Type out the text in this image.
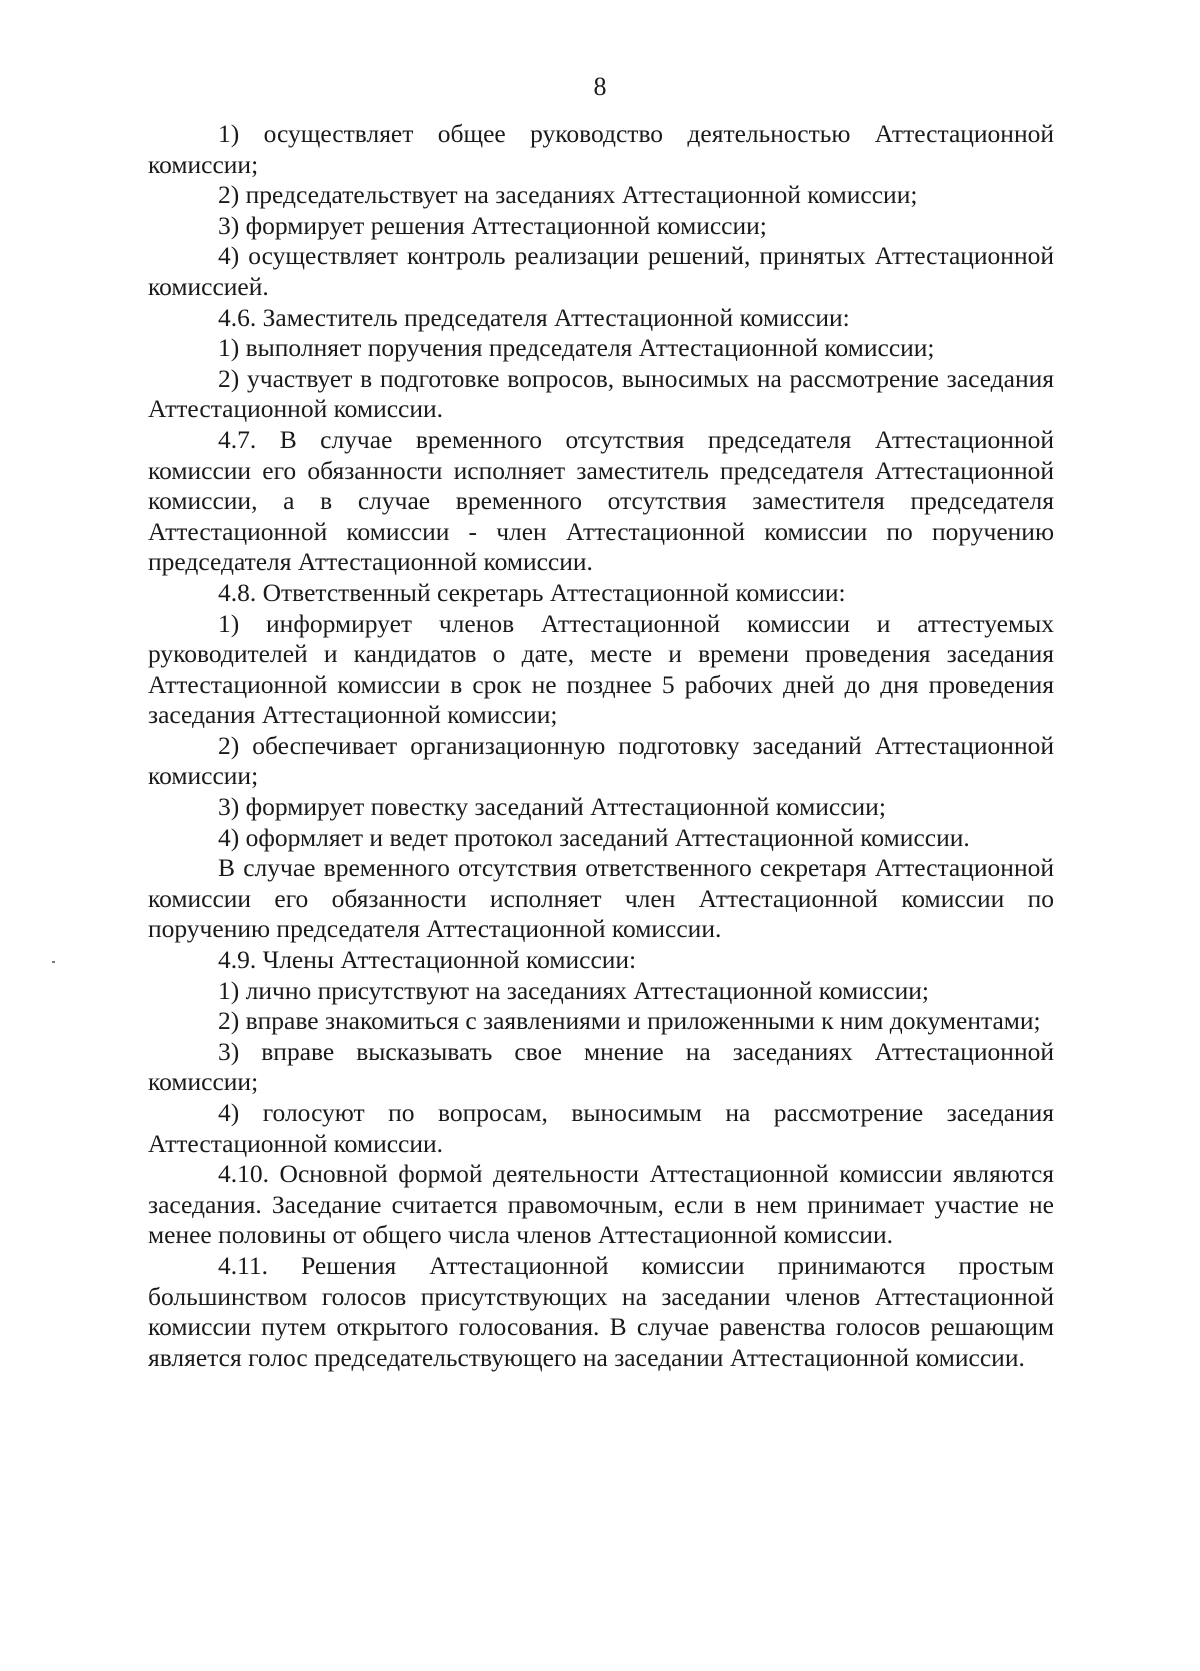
8

1) осуществляет общее руководство деятельностью Аттестационной комиссии;

2) председательствует на заседаниях Аттестационной комиссии;

3) формирует решения Аттестационной комиссии;

4) осуществляет контроль реализации решений, принятых Аттестационной комиссией.

4.6. Заместитель председателя Аттестационной комиссии:

1) выполняет поручения председателя Аттестационной комиссии;

2) участвует в подготовке вопросов, выносимых на рассмотрение заседания Аттестационной комиссии.

4.7. В случае временного отсутствия председателя Аттестационной комиссии его обязанности исполняет заместитель председателя Аттестационной комиссии, а в случае временного отсутствия заместителя председателя Аттестационной комиссии - член Аттестационной комиссии по поручению председателя Аттестационной комиссии.

4.8. Ответственный секретарь Аттестационной комиссии:

1) информирует членов Аттестационной комиссии и аттестуемых руководителей и кандидатов о дате, месте и времени проведения заседания Аттестационной комиссии в срок не позднее 5 рабочих дней до дня проведения заседания Аттестационной комиссии;

2) обеспечивает организационную подготовку заседаний Аттестационной комиссии;

3) формирует повестку заседаний Аттестационной комиссии;

4) оформляет и ведет протокол заседаний Аттестационной комиссии.

В случае временного отсутствия ответственного секретаря Аттестационной комиссии его обязанности исполняет член Аттестационной комиссии по поручению председателя Аттестационной комиссии.

4.9. Члены Аттестационной комиссии:

1) лично присутствуют на заседаниях Аттестационной комиссии;

2) вправе знакомиться с заявлениями и приложенными к ним документами;

3) вправе высказывать свое мнение на заседаниях Аттестационной комиссии;

4) голосуют по вопросам, выносимым на рассмотрение заседания Аттестационной комиссии.

4.10. Основной формой деятельности Аттестационной комиссии являются заседания. Заседание считается правомочным, если в нем принимает участие не менее половины от общего числа членов Аттестационной комиссии.

4.11. Решения Аттестационной комиссии принимаются простым большинством голосов присутствующих на заседании членов Аттестационной комиссии путем открытого голосования. В случае равенства голосов решающим является голос председательствующего на заседании Аттестационной комиссии.
